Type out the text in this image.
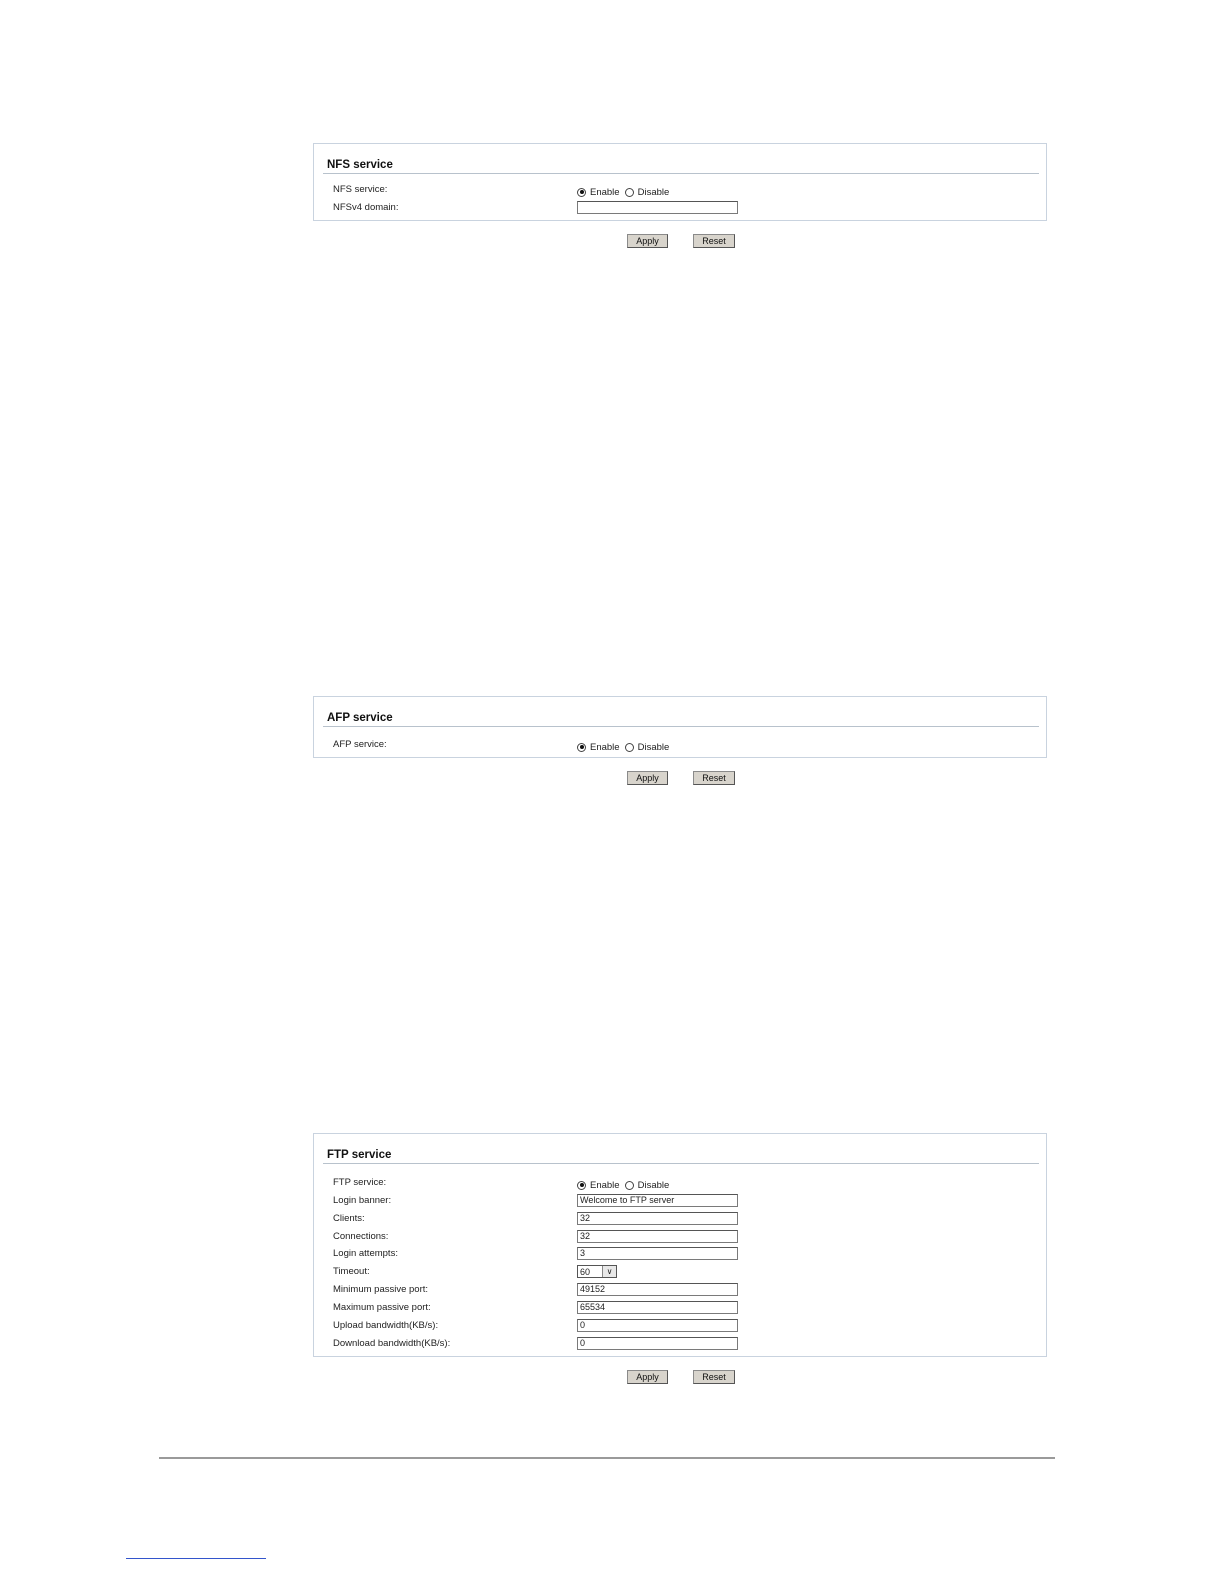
NFS service
NFS service:	Enable Disable
NFSv4 domain:
Apply	Reset
AFP service
AFP service:	Enable Disable
Apply	Reset
FTP service
FTP service:	Enable Disable
Login banner:	Welcome to FTP server
Clients:	32
Connections:	32
Login attempts:	3
Timeout:	60	∨
Minimum passive port:	49152
Maximum passive port:	65534
Upload bandwidth(KB/s):	0
Download bandwidth(KB/s):	0
Apply	Reset
